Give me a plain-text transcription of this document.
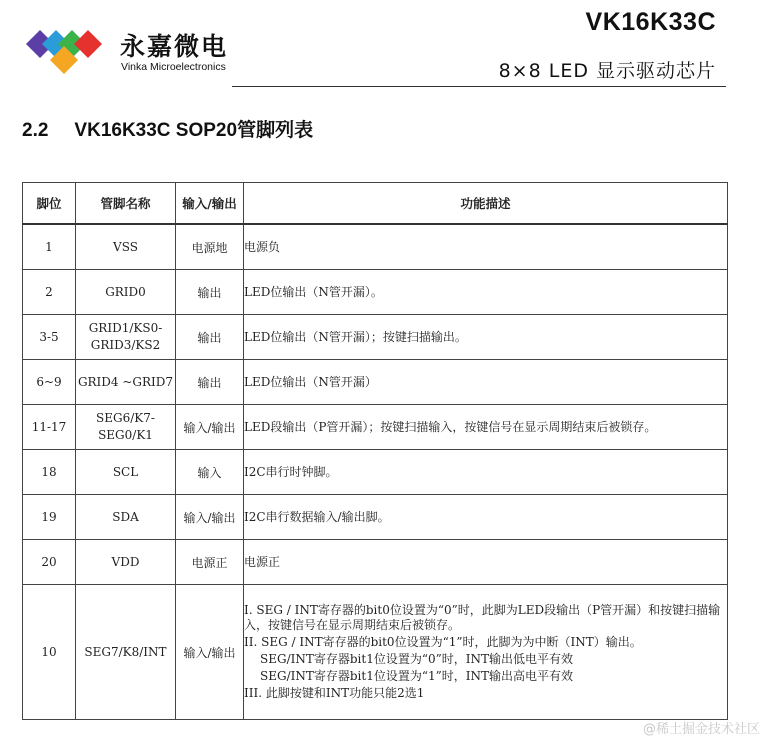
永嘉微电
Vinka Microelectronics
VK16K33C
8×8 LED 显示驱动芯片
2.2 VK16K33C SOP20管脚列表
脚位	管脚名称	输入/输出	功能描述
1	VSS	电源地	电源负
2	GRID0	输出	LED位输出（N管开漏）。
3-5	GRID1/KS0-GRID3/KS2	输出	LED位输出（N管开漏）；按键扫描输出。
6~9	GRID4 ~GRID7	输出	LED位输出（N管开漏）
11-17	SEG6/K7-SEG0/K1	输入/输出	LED段输出（P管开漏）；按键扫描输入，按键信号在显示周期结束后被锁存。
18	SCL	输入	I2C串行时钟脚。
19	SDA	输入/输出	I2C串行数据输入/输出脚。
20	VDD	电源正	电源正
10	SEG7/K8/INT	输入/输出	I. SEG / INT寄存器的bit0位设置为“0”时，此脚为LED段输出（P管开漏）和按键扫描输入，按键信号在显示周期结束后被锁存。
II. SEG / INT寄存器的bit0位设置为“1”时，此脚为为中断（INT）输出。
SEG/INT寄存器bit1位设置为“0”时，INT输出低电平有效
SEG/INT寄存器bit1位设置为“1”时，INT输出高电平有效
III. 此脚按键和INT功能只能2选1
@稀土掘金技术社区
